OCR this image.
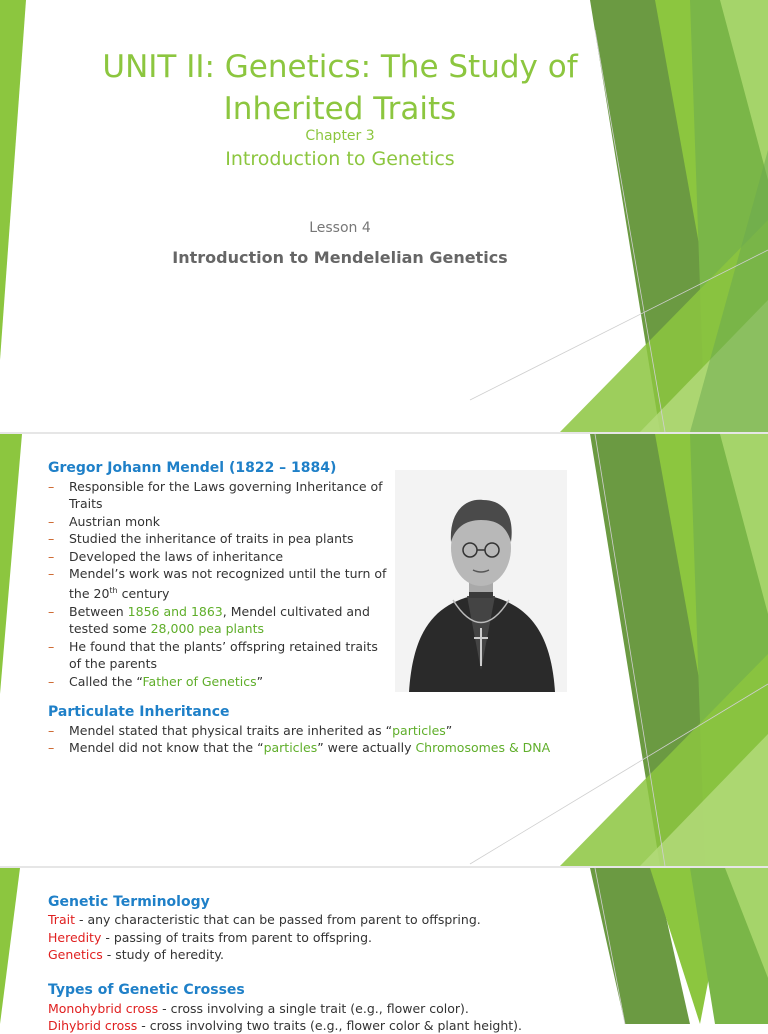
UNIT II: Genetics: The Study of Inherited Traits
Chapter 3
Introduction to Genetics
Lesson 4
Introduction to Mendelelian Genetics
Gregor Johann Mendel (1822 – 1884)
– Responsible for the Laws governing Inheritance of Traits
– Austrian monk
– Studied the inheritance of traits in pea plants
– Developed the laws of inheritance
– Mendel’s work was not recognized until the turn of the 20th century
– Between 1856 and 1863, Mendel cultivated and tested some 28,000 pea plants
– He found that the plants’ offspring retained traits of the parents
– Called the “Father of Genetics”
Particulate Inheritance
– Mendel stated that physical traits are inherited as “particles”
– Mendel did not know that the “particles” were actually Chromosomes & DNA
Genetic Terminology

Trait - any characteristic that can be passed from parent to offspring.

Heredity - passing of traits from parent to offspring.

Genetics - study of heredity.

Types of Genetic Crosses

Monohybrid cross - cross involving a single trait (e.g., flower color).

Dihybrid cross - cross involving two traits (e.g., flower color & plant height).
